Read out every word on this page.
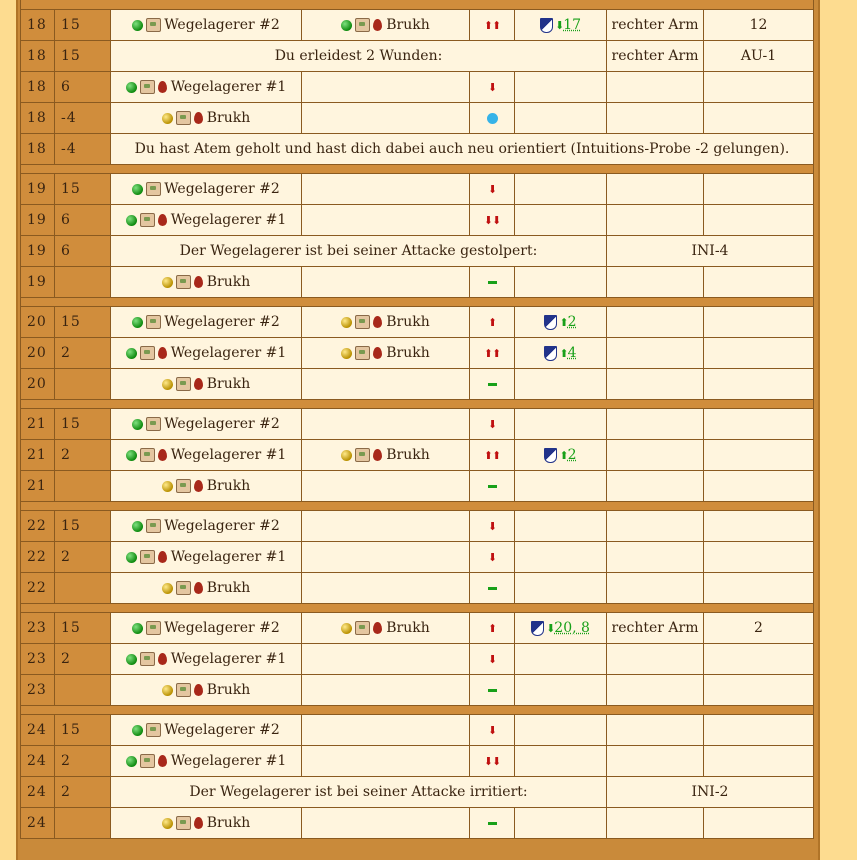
18	15	Wegelagerer #2	Brukh	⬆⬆	⬇17	rechter Arm	12
18	15	Du erleidest 2 Wunden:				rechter Arm	AU-1
18	6	Wegelagerer #1		⬇			
18	-4	Brukh					
18	-4	Du hast Atem geholt und hast dich dabei auch neu orientiert (Intuitions-Probe -2 gelungen).					

19	15	Wegelagerer #2		⬇			
19	6	Wegelagerer #1		⬇⬇			
19	6	Der Wegelagerer ist bei seiner Attacke gestolpert:				INI-4	
19		Brukh					

20	15	Wegelagerer #2	Brukh	⬆	⬆2		
20	2	Wegelagerer #1	Brukh	⬆⬆	⬆4		
20		Brukh					

21	15	Wegelagerer #2		⬇			
21	2	Wegelagerer #1	Brukh	⬆⬆	⬆2		
21		Brukh					

22	15	Wegelagerer #2		⬇			
22	2	Wegelagerer #1		⬇			
22		Brukh					

23	15	Wegelagerer #2	Brukh	⬆	⬇20, 8	rechter Arm	2
23	2	Wegelagerer #1		⬇			
23		Brukh					

24	15	Wegelagerer #2		⬇			
24	2	Wegelagerer #1		⬇⬇			
24	2	Der Wegelagerer ist bei seiner Attacke irritiert:				INI-2	
24		Brukh					
